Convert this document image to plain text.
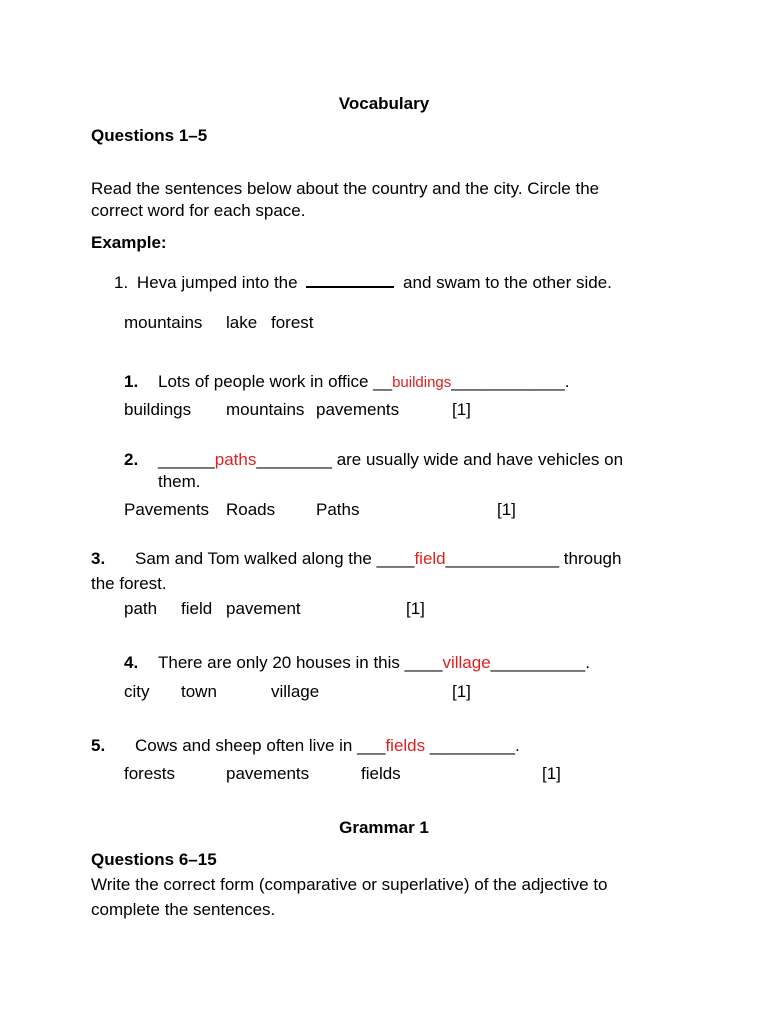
Vocabulary
Questions 1–5
Read the sentences below about the country and the city. Circle the
correct word for each space.
Example:
1. Heva jumped into the	and swam to the other side.
mountains lake forest
1. Lots of people work in office __buildings____________.
buildings mountains pavements	[1]
2. ______paths________ are usually wide and have vehicles on
them.
Pavements Roads Paths	[1]
3. Sam and Tom walked along the ____field____________ through
the forest.
path field pavement	[1]
4. There are only 20 houses in this ____village__________.
city town	village	[1]
5. Cows and sheep often live in ___fields _________.
forests	pavements	fields	[1]
Grammar 1
Questions 6–15
Write the correct form (comparative or superlative) of the adjective to
complete the sentences.
